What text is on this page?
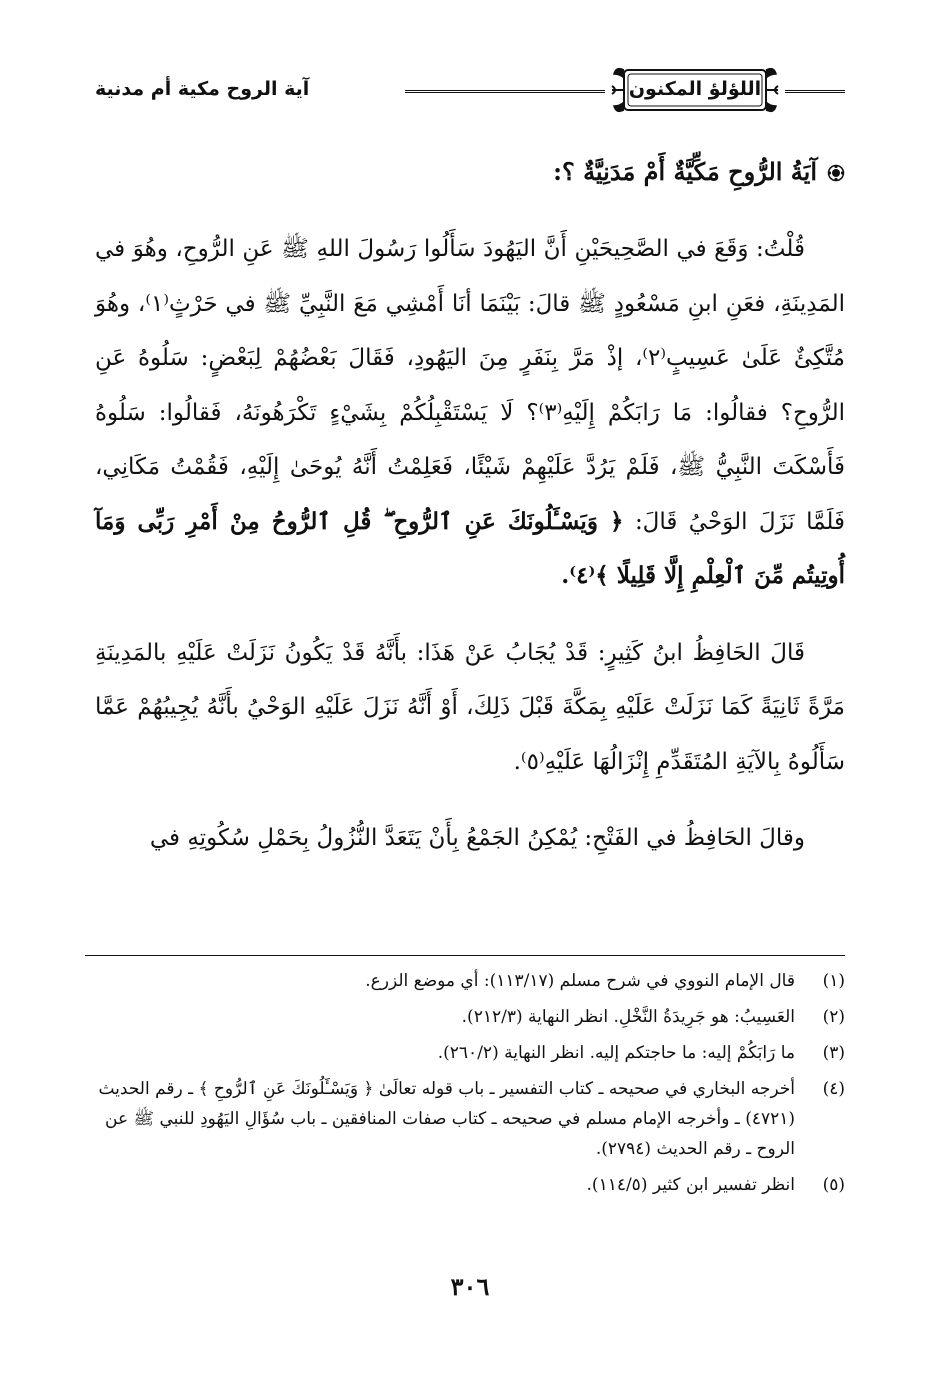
اللؤلؤ المكنون
آية الروح مكية أم مدنية
آيَةُ الرُّوحِ مَكِّيَّةٌ أَمْ مَدَنِيَّةٌ ؟:

قُلْتُ: وَقَعَ في الصَّحِيحَيْنِ أَنَّ اليَهُودَ سَأَلُوا رَسُولَ اللهِ ﷺ عَنِ الرُّوحِ، وهُوَ في المَدِينَةِ، فعَنِ ابنِ مَسْعُودٍ ﷺ قالَ: بَيْنَمَا أنَا أَمْشِي مَعَ النَّبِيِّ ﷺ في حَرْثٍ⁽١⁾، وهُوَ مُتَّكِئٌ عَلَىٰ عَسِيبٍ⁽٢⁾، إذْ مَرَّ بِنَفَرٍ مِنَ اليَهُودِ، فَقَالَ بَعْضُهُمْ لِبَعْضٍ: سَلُوهُ عَنِ الرُّوحِ؟ فقالُوا: مَا رَابَكُمْ إِلَيْهِ⁽٣⁾؟ لَا يَسْتَقْبِلُكُمْ بِشَيْءٍ تَكْرَهُونَهُ، فَقالُوا: سَلُوهُ فَأَسْكَتَ النَّبِيُّ ﷺ، فَلَمْ يَرُدَّ عَلَيْهِمْ شَيْئًا، فَعَلِمْتُ أَنَّهُ يُوحَىٰ إِلَيْهِ، فَقُمْتُ مَكَانِي، فَلَمَّا نَزَلَ الوَحْيُ قَالَ: ﴿ وَيَسْـَٔلُونَكَ عَنِ ٱلرُّوحِ ۖ قُلِ ٱلرُّوحُ مِنْ أَمْرِ رَبِّى وَمَآ أُوتِيتُم مِّنَ ٱلْعِلْمِ إِلَّا قَلِيلًا ﴾⁽٤⁾.

قَالَ الحَافِظُ ابنُ كَثِيرٍ: قَدْ يُجَابُ عَنْ هَذَا: بأَنَّهُ قَدْ يَكُونُ نَزَلَتْ عَلَيْهِ بالمَدِينَةِ مَرَّةً ثَانِيَةً كَمَا نَزَلَتْ عَلَيْهِ بِمَكَّةَ قَبْلَ ذَلِكَ، أَوْ أَنَّهُ نَزَلَ عَلَيْهِ الوَحْيُ بأَنَّهُ يُجِيبُهُمْ عَمَّا سَأَلُوهُ بِالآيَةِ المُتَقَدِّمِ إِنْزَالُهَا عَلَيْهِ⁽٥⁾.

وقالَ الحَافِظُ في الفَتْحِ: يُمْكِنُ الجَمْعُ بِأَنْ يَتَعَدَّ النُّزُولُ بِحَمْلِ سُكُوتِهِ في

(١)
قال الإمام النووي في شرح مسلم (١١٣/١٧): أي موضع الزرع.
(٢)
العَسِيبُ: هو جَرِيدَةُ النَّخْلِ. انظر النهاية (٢١٢/٣).
(٣)
ما رَابَكُمْ إليه: ما حاجتكم إليه. انظر النهاية (٢٦٠/٢).
(٤)
أخرجه البخاري في صحيحه ـ كتاب التفسير ـ باب قوله تعالَىٰ ﴿ وَيَسْـَٔلُونَكَ عَنِ ٱلرُّوحِ ﴾ ـ رقم الحديث (٤٧٢١) ـ وأخرجه الإمام مسلم في صحيحه ـ كتاب صفات المنافقين ـ باب سُؤَالِ اليَهُودِ للنبي ﷺ عن الروح ـ رقم الحديث (٢٧٩٤).
(٥)
انظر تفسير ابن كثير (١١٤/٥).
٣٠٦
